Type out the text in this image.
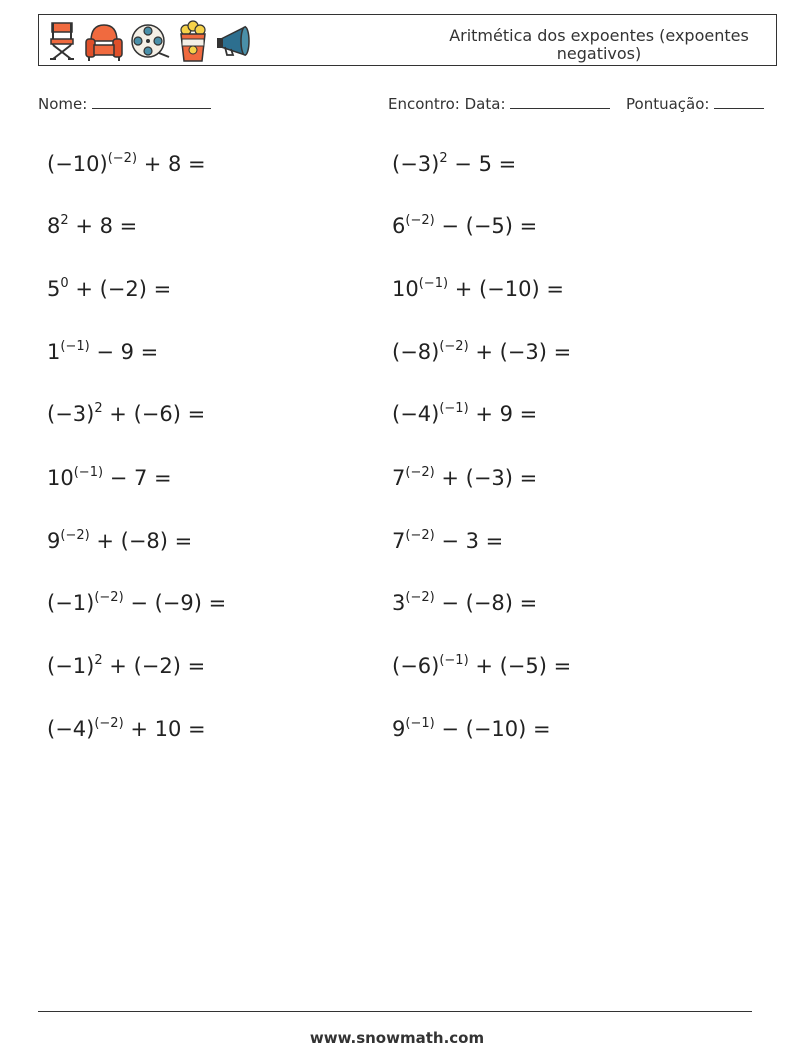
Aritmética dos expoentes (expoentes negativos)
Nome:	Encontro: Data:	Pontuação:
$(-10)^{(-2)} + 8$ =	$(-3)^2 - 5$ =
$8^2 + 8$ =	$6^{(-2)} - (-5)$ =
$5^0 + (-2)$ =	$10^{(-1)} + (-10)$ =
$1^{(-1)} - 9$ =	$(-8)^{(-2)} + (-3)$ =
$(-3)^2 + (-6)$ =	$(-4)^{(-1)} + 9$ =
$10^{(-1)} - 7$ =	$7^{(-2)} + (-3)$ =
$9^{(-2)} + (-8)$ =	$7^{(-2)} - 3$ =
$(-1)^{(-2)} - (-9)$ =	$3^{(-2)} - (-8)$ =
$(-1)^2 + (-2)$ =	$(-6)^{(-1)} + (-5)$ =
$(-4)^{(-2)} + 10$ =	$9^{(-1)} - (-10)$ =
www.snowmath.com
